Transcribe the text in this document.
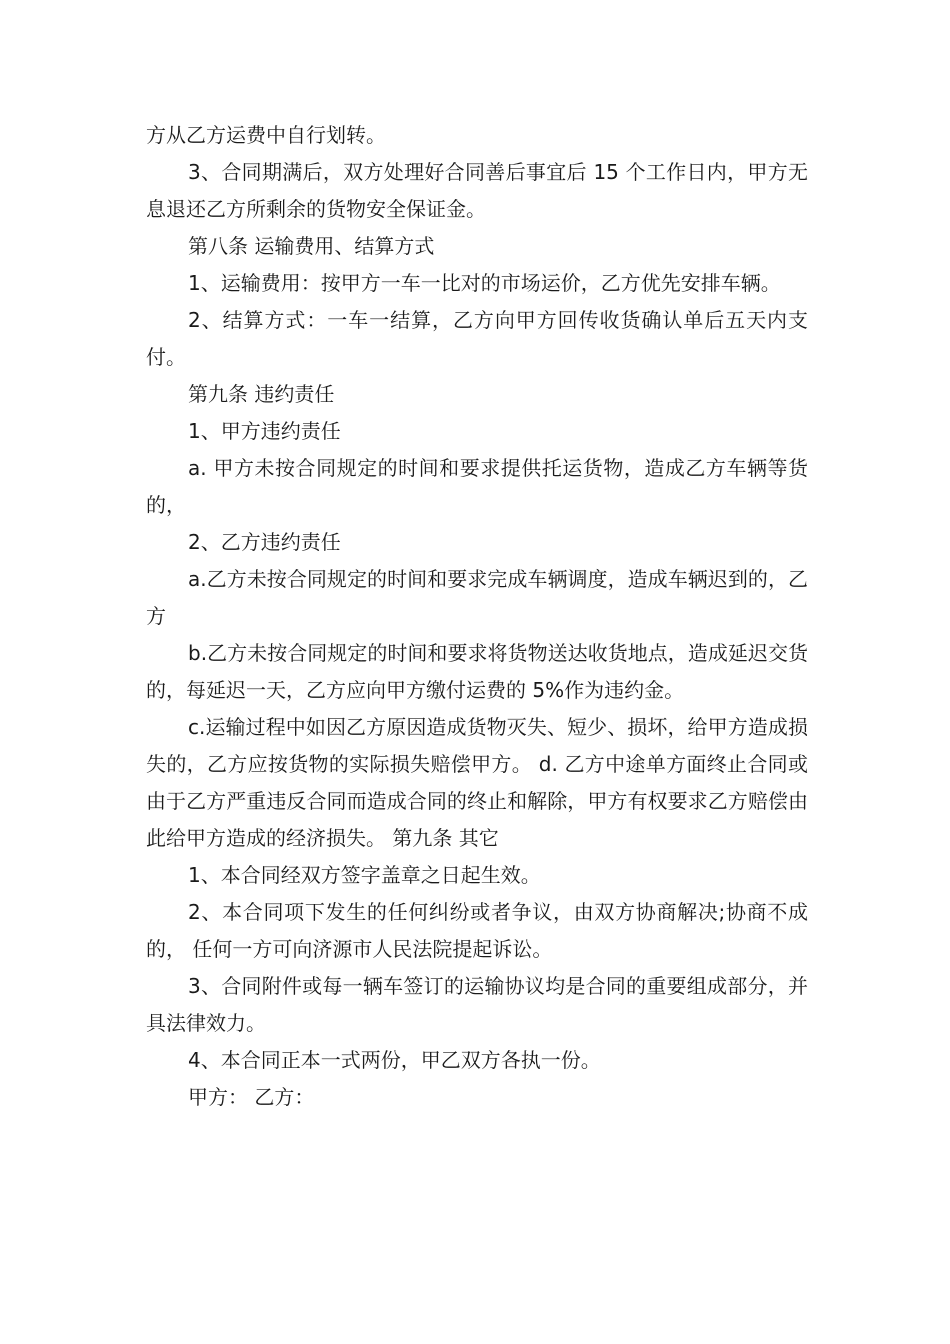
方从乙方运费中自行划转。

3、合同期满后，双方处理好合同善后事宜后 15 个工作日内，甲方无息退还乙方所剩余的货物安全保证金。

第八条 运输费用、结算方式

1、运输费用：按甲方一车一比对的市场运价，乙方优先安排车辆。

2、结算方式：一车一结算，乙方向甲方回传收货确认单后五天内支付。

第九条 违约责任

1、甲方违约责任

a. 甲方未按合同规定的时间和要求提供托运货物，造成乙方车辆等货的，

2、乙方违约责任

a.乙方未按合同规定的时间和要求完成车辆调度，造成车辆迟到的，乙方

b.乙方未按合同规定的时间和要求将货物送达收货地点，造成延迟交货的，每延迟一天，乙方应向甲方缴付运费的 5%作为违约金。

c.运输过程中如因乙方原因造成货物灭失、短少、损坏，给甲方造成损失的，乙方应按货物的实际损失赔偿甲方。 d. 乙方中途单方面终止合同或由于乙方严重违反合同而造成合同的终止和解除，甲方有权要求乙方赔偿由此给甲方造成的经济损失。 第九条 其它

1、本合同经双方签字盖章之日起生效。

2、本合同项下发生的任何纠纷或者争议，由双方协商解决;协商不成的， 任何一方可向济源市人民法院提起诉讼。

3、合同附件或每一辆车签订的运输协议均是合同的重要组成部分，并具法律效力。

4、本合同正本一式两份，甲乙双方各执一份。

甲方： 乙方：
